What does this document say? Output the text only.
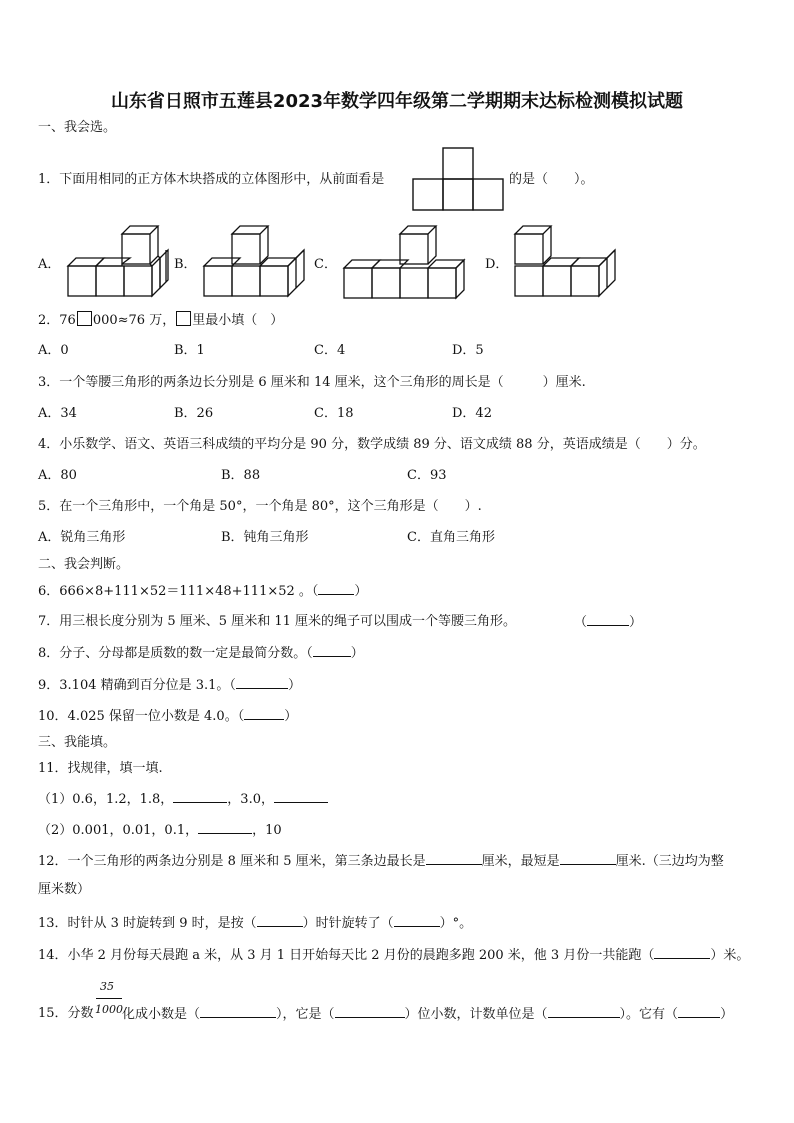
山东省日照市五莲县2023年数学四年级第二学期期末达标检测模拟试题
一、我会选。
1．下面用相同的正方体木块搭成的立体图形中，从前面看是	的是（　　）。
A．	B．	C．	D．
2．76 000≈76 万， 里最小填（　）
A．0	B．1	C．4	D．5
3．一个等腰三角形的两条边长分别是 6 厘米和 14 厘米，这个三角形的周长是（　　　）厘米.
A．34	B．26	C．18	D．42
4．小乐数学、语文、英语三科成绩的平均分是 90 分，数学成绩 89 分、语文成绩 88 分，英语成绩是（　　）分。
A．80	B．88	C．93
5．在一个三角形中，一个角是 50°，一个角是 80°，这个三角形是（　　）.
A．锐角三角形	B．钝角三角形	C．直角三角形
二、我会判断。
6．666×8+111×52＝111×48+111×52 。（	）
7．用三根长度分别为 5 厘米、5 厘米和 11 厘米的绳子可以围成一个等腰三角形。	（	）
8．分子、分母都是质数的数一定是最简分数。（	）
9．3.104 精确到百分位是 3.1。（	）
10．4.025 保留一位小数是 4.0。（	）
三、我能填。
11．找规律，填一填.
（1）0.6，1.2，1.8，	，3.0，
（2）0.001，0.01，0.1，	，10
12．一个三角形的两条边分别是 8 厘米和 5 厘米，第三条边最长是	厘米，最短是	厘米.（三边均为整
厘米数）
13．时针从 3 时旋转到 9 时，是按（	）时针旋转了（	）°。
14．小华 2 月份每天晨跑 a 米，从 3 月 1 日开始每天比 2 月份的晨跑多跑 200 米，他 3 月份一共能跑（	）米。
35
1000
15．分数 化成小数是（	），它是（	）位小数，计数单位是（	）。它有（	）
